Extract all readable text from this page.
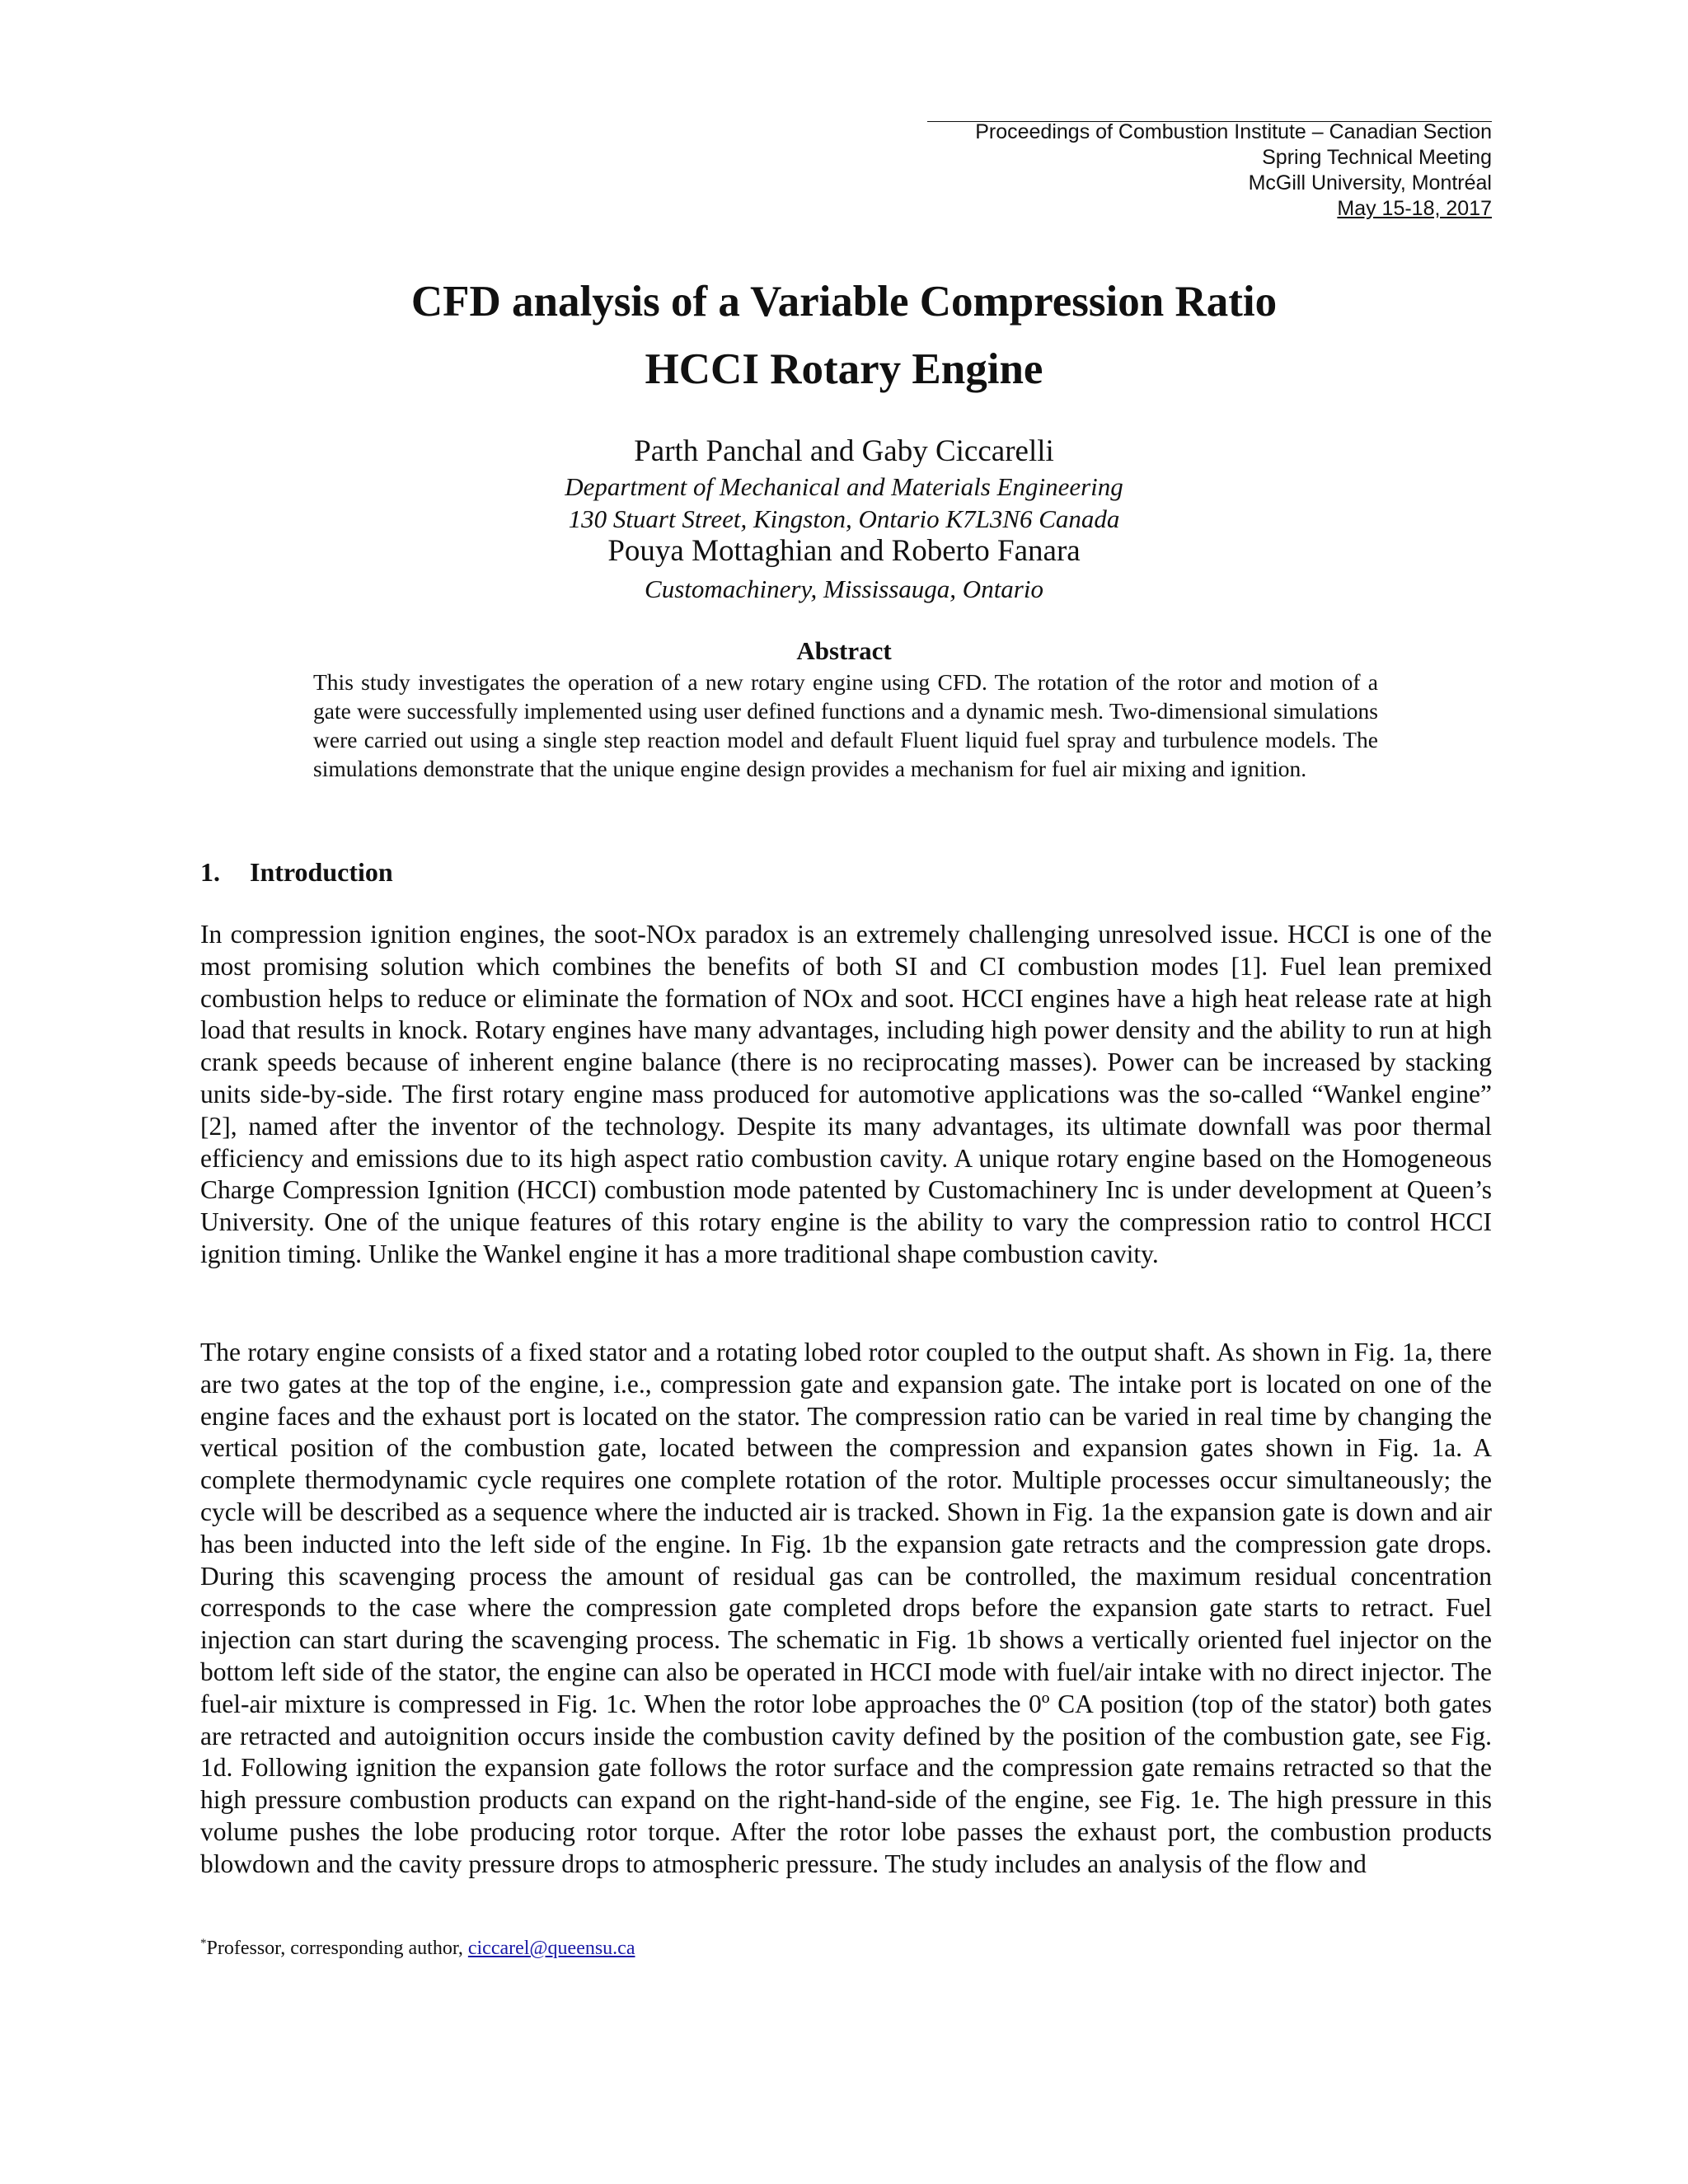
Proceedings of Combustion Institute – Canadian Section
Spring Technical Meeting
McGill University, Montréal
May 15-18, 2017
CFD analysis of a Variable Compression Ratio
HCCI Rotary Engine
Parth Panchal and Gaby Ciccarelli
Department of Mechanical and Materials Engineering
130 Stuart Street, Kingston, Ontario K7L3N6 Canada
Pouya Mottaghian and Roberto Fanara
Customachinery, Mississauga, Ontario
Abstract
This study investigates the operation of a new rotary engine using CFD. The rotation of the rotor and motion of a gate were successfully implemented using user defined functions and a dynamic mesh. Two-dimensional simulations were carried out using a single step reaction model and default Fluent liquid fuel spray and turbulence models. The simulations demonstrate that the unique engine design provides a mechanism for fuel air mixing and ignition.
1. Introduction
In compression ignition engines, the soot-NOx paradox is an extremely challenging unresolved issue. HCCI is one of the most promising solution which combines the benefits of both SI and CI combustion modes [1]. Fuel lean premixed combustion helps to reduce or eliminate the formation of NOx and soot. HCCI engines have a high heat release rate at high load that results in knock. Rotary engines have many advantages, including high power density and the ability to run at high crank speeds because of inherent engine balance (there is no reciprocating masses). Power can be increased by stacking units side-by-side. The first rotary engine mass produced for automotive applications was the so-called “Wankel engine” [2], named after the inventor of the technology. Despite its many advantages, its ultimate downfall was poor thermal efficiency and emissions due to its high aspect ratio combustion cavity. A unique rotary engine based on the Homogeneous Charge Compression Ignition (HCCI) combustion mode patented by Customachinery Inc is under development at Queen’s University. One of the unique features of this rotary engine is the ability to vary the compression ratio to control HCCI ignition timing. Unlike the Wankel engine it has a more traditional shape combustion cavity.
The rotary engine consists of a fixed stator and a rotating lobed rotor coupled to the output shaft. As shown in Fig. 1a, there are two gates at the top of the engine, i.e., compression gate and expansion gate. The intake port is located on one of the engine faces and the exhaust port is located on the stator. The compression ratio can be varied in real time by changing the vertical position of the combustion gate, located between the compression and expansion gates shown in Fig. 1a. A complete thermodynamic cycle requires one complete rotation of the rotor. Multiple processes occur simultaneously; the cycle will be described as a sequence where the inducted air is tracked. Shown in Fig. 1a the expansion gate is down and air has been inducted into the left side of the engine. In Fig. 1b the expansion gate retracts and the compression gate drops. During this scavenging process the amount of residual gas can be controlled, the maximum residual concentration corresponds to the case where the compression gate completed drops before the expansion gate starts to retract. Fuel injection can start during the scavenging process. The schematic in Fig. 1b shows a vertically oriented fuel injector on the bottom left side of the stator, the engine can also be operated in HCCI mode with fuel/air intake with no direct injector. The fuel-air mixture is compressed in Fig. 1c. When the rotor lobe approaches the 0º CA position (top of the stator) both gates are retracted and autoignition occurs inside the combustion cavity defined by the position of the combustion gate, see Fig. 1d. Following ignition the expansion gate follows the rotor surface and the compression gate remains retracted so that the high pressure combustion products can expand on the right-hand-side of the engine, see Fig. 1e. The high pressure in this volume pushes the lobe producing rotor torque. After the rotor lobe passes the exhaust port, the combustion products blowdown and the cavity pressure drops to atmospheric pressure. The study includes an analysis of the flow and
*Professor, corresponding author, ciccarel@queensu.ca
